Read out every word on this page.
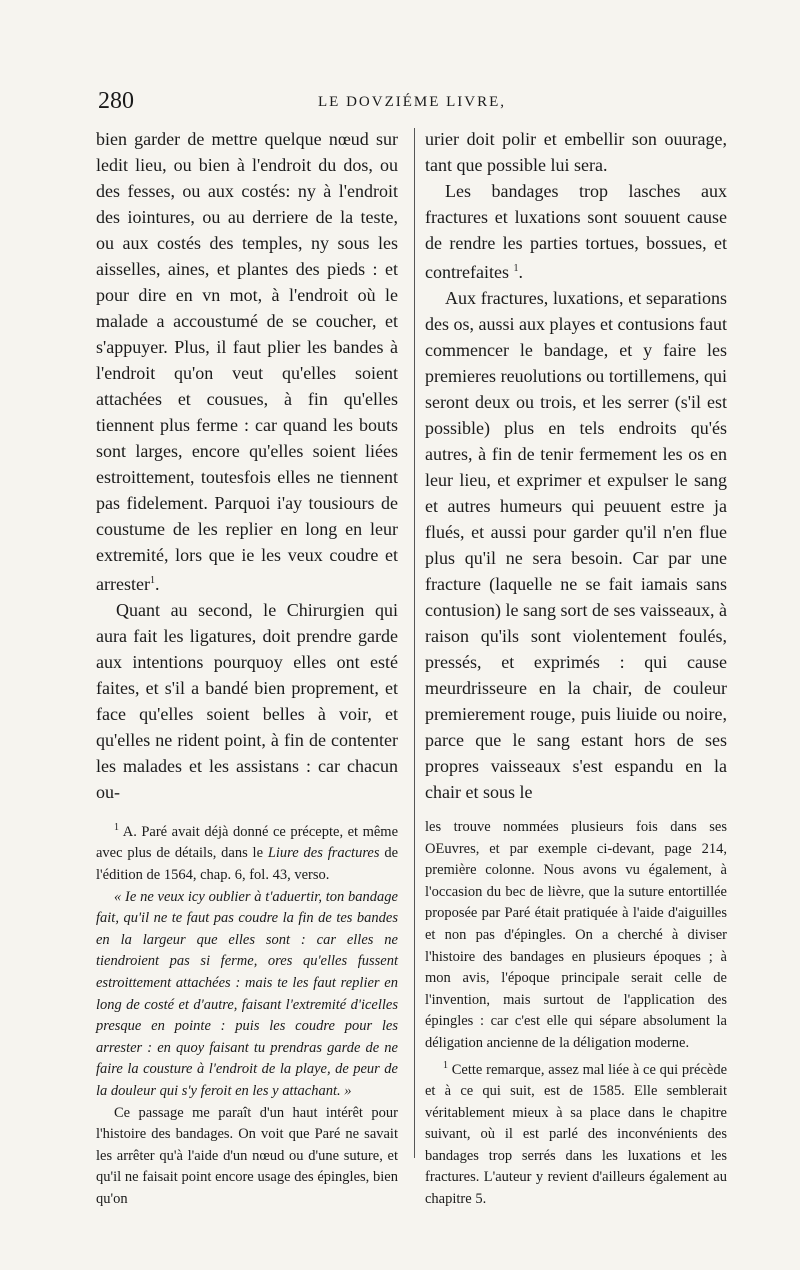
280	LE DOVZIÉME LIVRE,

bien garder de mettre quelque nœud sur ledit lieu, ou bien à l'endroit du dos, ou des fesses, ou aux costés: ny à l'endroit des iointures, ou au derriere de la teste, ou aux costés des temples, ny sous les aisselles, aines, et plantes des pieds : et pour dire en vn mot, à l'endroit où le malade a accoustumé de se coucher, et s'appuyer. Plus, il faut plier les bandes à l'endroit qu'on veut qu'elles soient attachées et cousues, à fin qu'elles tiennent plus ferme : car quand les bouts sont larges, encore qu'elles soient liées estroittement, toutesfois elles ne tiennent pas fidelement. Parquoi i'ay tousiours de coustume de les replier en long en leur extremité, lors que ie les veux coudre et arrester$^1$.

Quant au second, le Chirurgien qui aura fait les ligatures, doit prendre garde aux intentions pourquoy elles ont esté faites, et s'il a bandé bien proprement, et face qu'elles soient belles à voir, et qu'elles ne rident point, à fin de contenter les malades et les assistans : car chacun ou-

$^1$ A. Paré avait déjà donné ce précepte, et même avec plus de détails, dans le Liure des fractures de l'édition de 1564, chap. 6, fol. 43, verso.

« Ie ne veux icy oublier à t'aduertir, ton bandage fait, qu'il ne te faut pas coudre la fin de tes bandes en la largeur que elles sont : car elles ne tiendroient pas si ferme, ores qu'elles fussent estroittement attachées : mais te les faut replier en long de costé et d'autre, faisant l'extremité d'icelles presque en pointe : puis les coudre pour les arrester : en quoy faisant tu prendras garde de ne faire la cousture à l'endroit de la playe, de peur de la douleur qui s'y feroit en les y attachant. »

Ce passage me paraît d'un haut intérêt pour l'histoire des bandages. On voit que Paré ne savait les arrêter qu'à l'aide d'un nœud ou d'une suture, et qu'il ne faisait point encore usage des épingles, bien qu'on

urier doit polir et embellir son ouurage, tant que possible lui sera.

Les bandages trop lasches aux fractures et luxations sont souuent cause de rendre les parties tortues, bossues, et contrefaites $^1$.

Aux fractures, luxations, et separations des os, aussi aux playes et contusions faut commencer le bandage, et y faire les premieres reuolutions ou tortillemens, qui seront deux ou trois, et les serrer (s'il est possible) plus en tels endroits qu'és autres, à fin de tenir fermement les os en leur lieu, et exprimer et expulser le sang et autres humeurs qui peuuent estre ja flués, et aussi pour garder qu'il n'en flue plus qu'il ne sera besoin. Car par une fracture (laquelle ne se fait iamais sans contusion) le sang sort de ses vaisseaux, à raison qu'ils sont violentement foulés, pressés, et exprimés : qui cause meurdrisseure en la chair, de couleur premierement rouge, puis liuide ou noire, parce que le sang estant hors de ses propres vaisseaux s'est espandu en la chair et sous le

les trouve nommées plusieurs fois dans ses OEuvres, et par exemple ci-devant, page 214, première colonne. Nous avons vu également, à l'occasion du bec de lièvre, que la suture entortillée proposée par Paré était pratiquée à l'aide d'aiguilles et non pas d'épingles. On a cherché à diviser l'histoire des bandages en plusieurs époques ; à mon avis, l'époque principale serait celle de l'invention, mais surtout de l'application des épingles : car c'est elle qui sépare absolument la déligation ancienne de la déligation moderne.

$^1$ Cette remarque, assez mal liée à ce qui précède et à ce qui suit, est de 1585. Elle semblerait véritablement mieux à sa place dans le chapitre suivant, où il est parlé des inconvénients des bandages trop serrés dans les luxations et les fractures. L'auteur y revient d'ailleurs également au chapitre 5.
